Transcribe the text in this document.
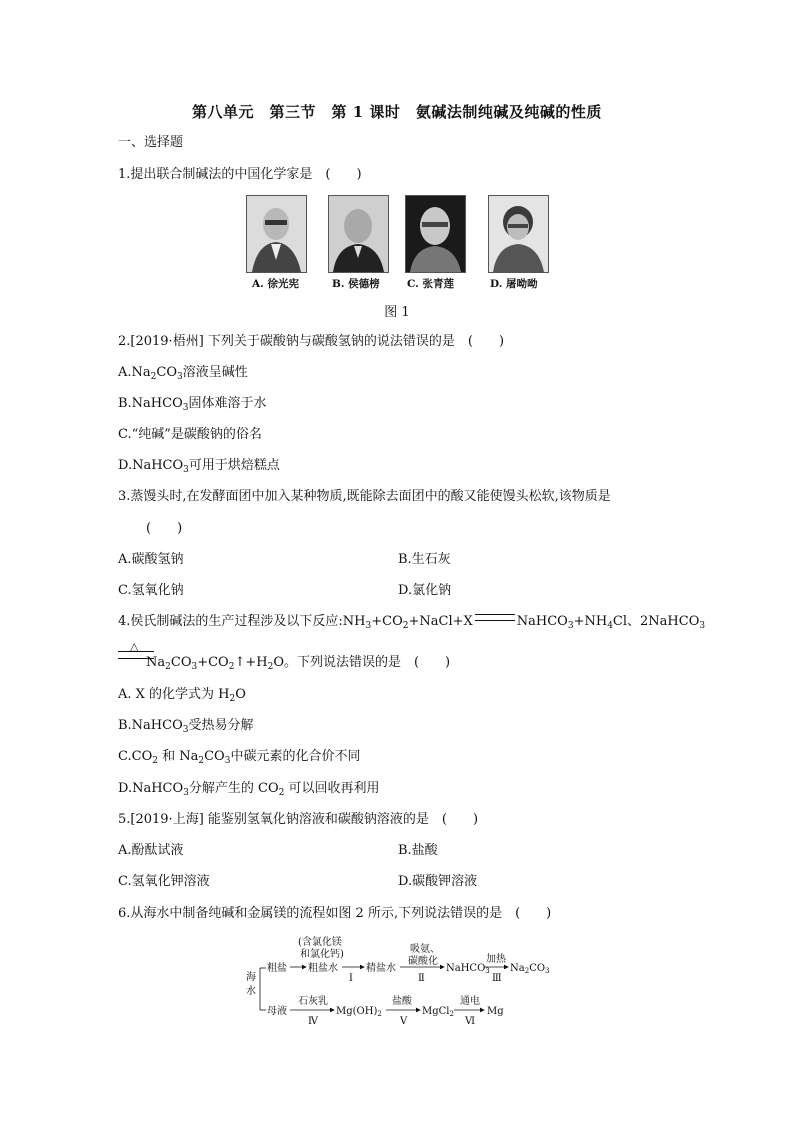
第八单元　第三节　第 1 课时　氨碱法制纯碱及纯碱的性质
一、选择题
1.提出联合制碱法的中国化学家是　(　　)
A. 徐光宪	B. 侯德榜	C. 张青莲	D. 屠呦呦
图 1
2.[2019·梧州] 下列关于碳酸钠与碳酸氢钠的说法错误的是　(　　)
$A.Na_2CO_3$溶液呈碱性
B.NaHCO$_3$固体难溶于水
C.“纯碱”是碳酸钠的俗名
D.NaHCO$_3$可用于烘焙糕点
3.蒸馒头时,在发酵面团中加入某种物质,既能除去面团中的酸又能使馒头松软,该物质是
(　　)
A.碳酸氢钠	B.生石灰
C.氢氧化钠	D.氯化钠
4.侯氏制碱法的生产过程涉及以下反应$:NH_3+CO_2+NaCl+X$	$NaHCO_3+NH_4Cl$、2NaHCO$_3$
△
$Na_2CO_3+CO_2↑+H_2O$。下列说法错误的是　(　　)
A. X 的化学式为 $H_2O$
B.NaHCO$_3$受热易分解
$C.CO_2$ 和 $Na_2CO_3$中碳元素的化合价不同
D.NaHCO$_3$分解产生的 $CO_2$ 可以回收再利用
5.[2019·上海] 能鉴别氢氧化钠溶液和碳酸钠溶液的是　(　　)
A.酚酞试液	B.盐酸
C.氢氧化钾溶液	D.碳酸钾溶液
6.从海水中制备纯碱和金属镁的流程如图 2 所示,下列说法错误的是　(　　)
海
水
粗盐
(含氯化镁
和氯化钙)
粗盐水
Ⅰ
精盐水
吸氨、
碳酸化
Ⅱ
NaHCO$_3$
加热
Ⅲ
$Na_2CO_3$
母液
石灰乳
Ⅳ
$Mg(OH)_2$
盐酸
Ⅴ
MgCl$_2$
通电
Ⅵ
Mg
